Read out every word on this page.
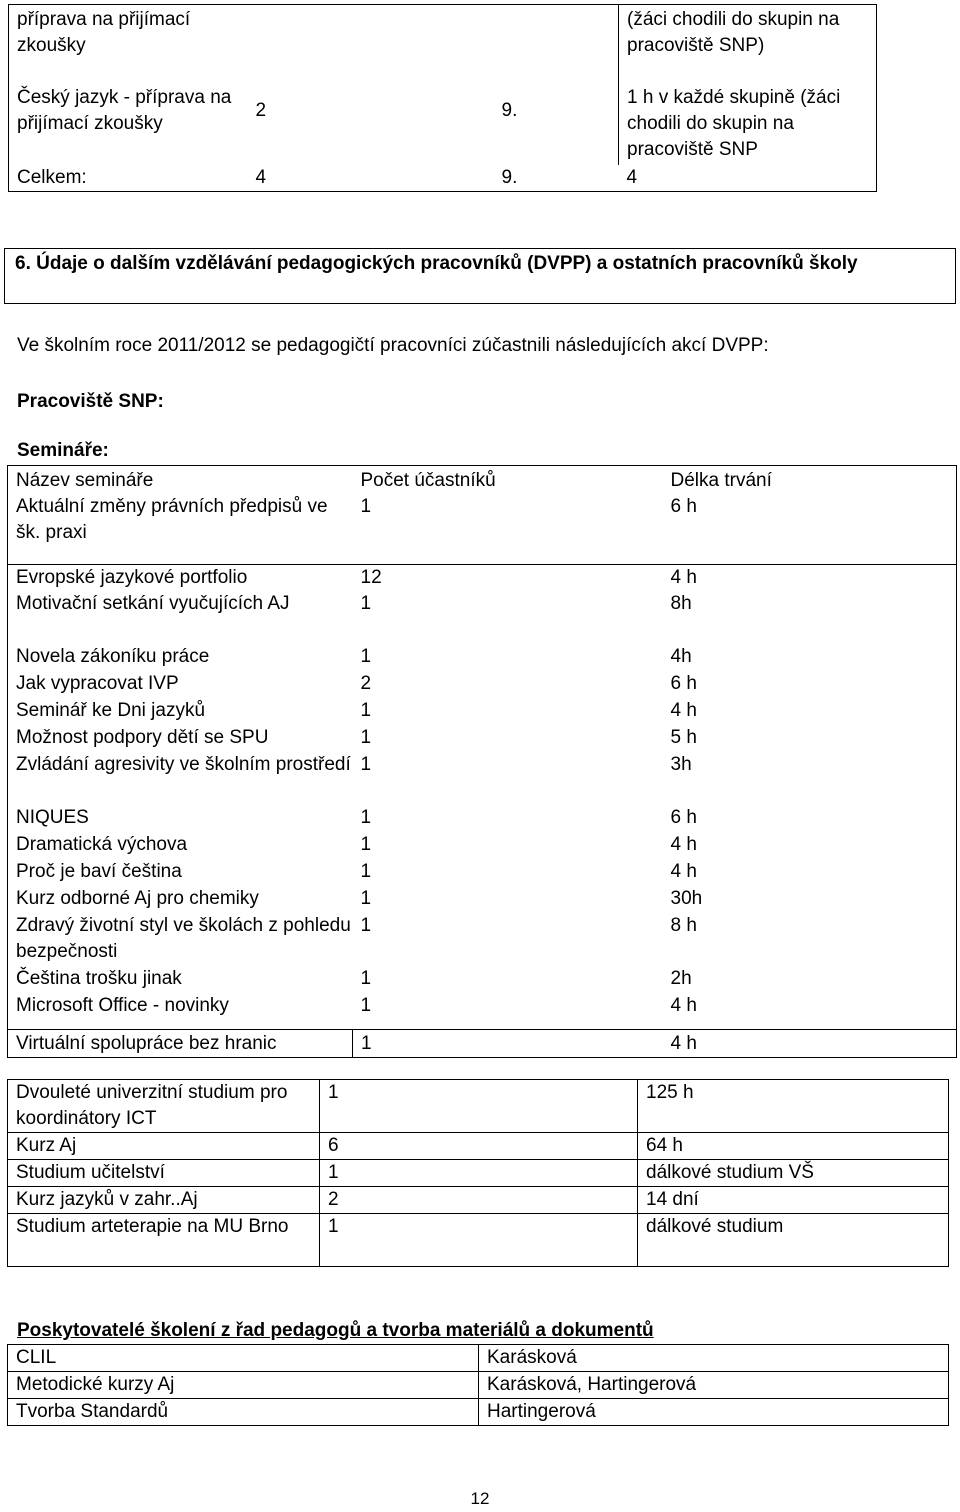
příprava na přijímací zkoušky			(žáci chodili do skupin na pracoviště SNP)
Český jazyk - příprava na přijímací zkoušky	2	9.	1 h v každé skupině (žáci chodili do skupin na pracoviště SNP
Celkem:	4	9.	4
6. Údaje o dalším vzdělávání pedagogických pracovníků (DVPP) a ostatních pracovníků školy
Ve školním roce 2011/2012 se pedagogičtí pracovníci zúčastnili následujících akcí DVPP:
Pracoviště SNP:
Semináře:
Název semináře	Počet účastníků	Délka trvání
Aktuální změny právních předpisů ve šk. praxi	1	6 h
Evropské jazykové portfolio	12	4 h
Motivační setkání vyučujících AJ	1	8h
Novela zákoníku práce	1	4h
Jak vypracovat IVP	2	6 h
Seminář ke Dni jazyků	1	4 h
Možnost podpory dětí se SPU	1	5 h
Zvládání agresivity ve školním prostředí	1	3h
NIQUES	1	6 h
Dramatická výchova	1	4 h
Proč je baví čeština	1	4 h
Kurz odborné Aj pro chemiky	1	30h
Zdravý životní styl ve školách z pohledu bezpečnosti	1	8 h
Čeština trošku jinak	1	2h
Microsoft Office - novinky	1	4 h
Virtuální spolupráce bez hranic	1	4 h
Dvouleté univerzitní studium pro koordinátory ICT	1	125 h
Kurz Aj	6	64 h
Studium učitelství	1	dálkové studium VŠ
Kurz jazyků v zahr..Aj	2	14 dní
Studium arteterapie na MU Brno	1	dálkové studium
Poskytovatelé školení z řad pedagogů a tvorba materiálů a dokumentů
CLIL	Karásková
Metodické kurzy Aj	Karásková, Hartingerová
Tvorba Standardů	Hartingerová
12
